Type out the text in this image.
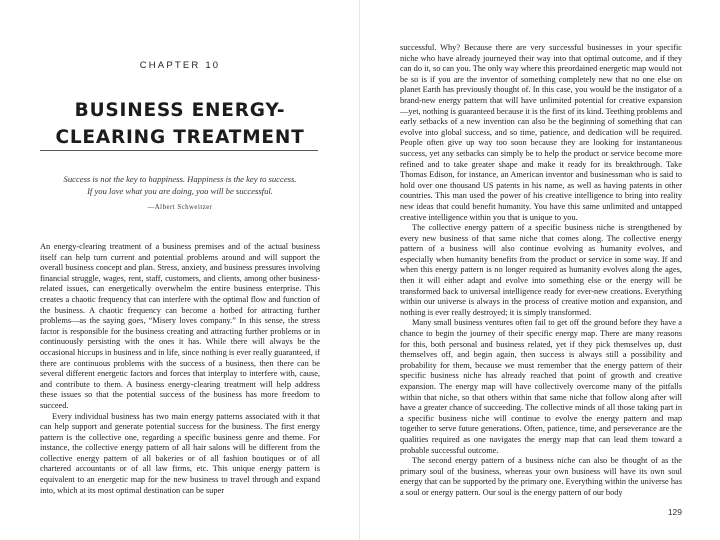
CHAPTER 10
BUSINESS ENERGY-
CLEARING TREATMENT
Success is not the key to happiness. Happiness is the key to success.
If you love what you are doing, you will be successful.
—Albert Schweitzer

An energy-clearing treatment of a business premises and of the actual business itself can help turn current and potential problems around and will support the overall business concept and plan. Stress, anxiety, and business pressures involving financial struggle, wages, rent, staff, customers, and clients, among other business-related issues, can energetically overwhelm the entire business enterprise. This creates a chaotic frequency that can interfere with the optimal flow and function of the business. A chaotic frequency can become a hotbed for attracting further problems—as the saying goes, “Misery loves company.” In this sense, the stress factor is responsible for the business creating and attracting further problems or in continuously persisting with the ones it has. While there will always be the occasional hiccups in business and in life, since nothing is ever really guaranteed, if there are continuous problems with the success of a business, then there can be several different energetic factors and forces that interplay to interfere with, cause, and contribute to them. A business energy-clearing treatment will help address these issues so that the potential success of the business has more freedom to succeed.

Every individual business has two main energy patterns associated with it that can help support and generate potential success for the business. The first energy pattern is the collective one, regarding a specific business genre and theme. For instance, the collective energy pattern of all hair salons will be different from the collective energy pattern of all bakeries or of all fashion boutiques or of all chartered accountants or of all law firms, etc. This unique energy pattern is equivalent to an energetic map for the new business to travel through and expand into, which at its most optimal destination can be super

successful. Why? Because there are very successful businesses in your specific niche who have already journeyed their way into that optimal outcome, and if they can do it, so can you. The only way where this preordained energetic map would not be so is if you are the inventor of something completely new that no one else on planet Earth has previously thought of. In this case, you would be the instigator of a brand-new energy pattern that will have unlimited potential for creative expansion—yet, nothing is guaranteed because it is the first of its kind. Teething problems and early setbacks of a new invention can also be the beginning of something that can evolve into global success, and so time, patience, and dedication will be required. People often give up way too soon because they are looking for instantaneous success, yet any setbacks can simply be to help the product or service become more refined and to take greater shape and make it ready for its breakthrough. Take Thomas Edison, for instance, an American inventor and businessman who is said to hold over one thousand US patents in his name, as well as having patents in other countries. This man used the power of his creative intelligence to bring into reality new ideas that could benefit humanity. You have this same unlimited and untapped creative intelligence within you that is unique to you.

The collective energy pattern of a specific business niche is strengthened by every new business of that same niche that comes along. The collective energy pattern of a business will also continue evolving as humanity evolves, and especially when humanity benefits from the product or service in some way. If and when this energy pattern is no longer required as humanity evolves along the ages, then it will either adapt and evolve into something else or the energy will be transformed back to universal intelligence ready for ever-new creations. Everything within our universe is always in the process of creative motion and expansion, and nothing is ever really destroyed; it is simply transformed.

Many small business ventures often fail to get off the ground before they have a chance to begin the journey of their specific energy map. There are many reasons for this, both personal and business related, yet if they pick themselves up, dust themselves off, and begin again, then success is always still a possibility and probability for them, because we must remember that the energy pattern of their specific business niche has already reached that point of growth and creative expansion. The energy map will have collectively overcome many of the pitfalls within that niche, so that others within that same niche that follow along after will have a greater chance of succeeding. The collective minds of all those taking part in a specific business niche will continue to evolve the energy pattern and map together to serve future generations. Often, patience, time, and perseverance are the qualities required as one navigates the energy map that can lead them toward a probable successful outcome.

The second energy pattern of a business niche can also be thought of as the primary soul of the business, whereas your own business will have its own soul energy that can be supported by the primary one. Everything within the universe has a soul or energy pattern. Our soul is the energy pattern of our body

129
